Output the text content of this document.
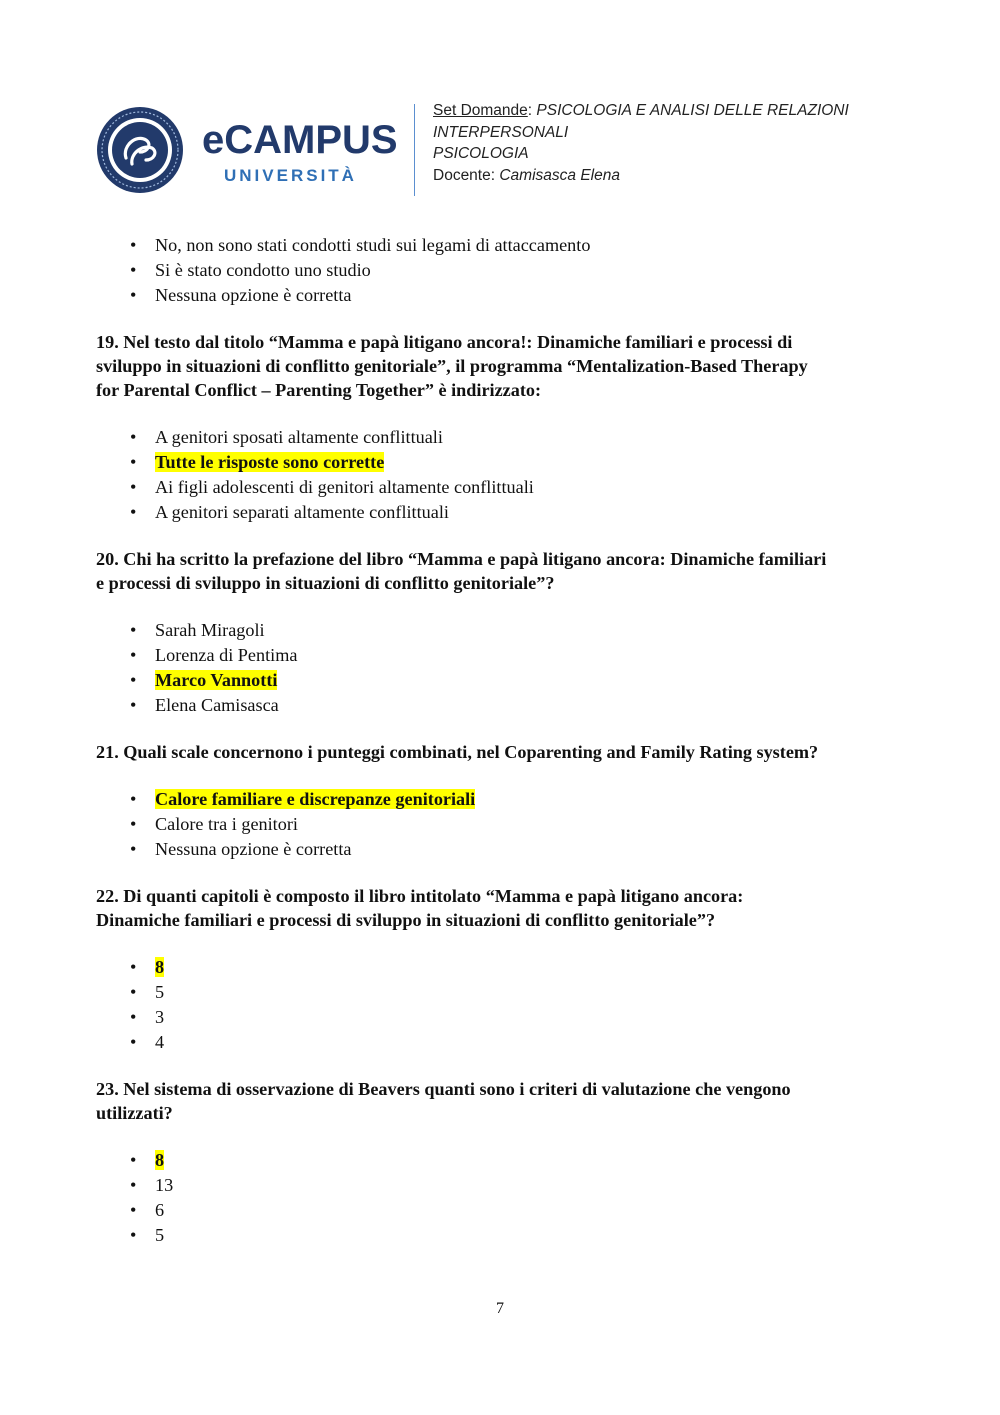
eCAMPUS
UNIVERSITÀ
Set Domande: PSICOLOGIA E ANALISI DELLE RELAZIONI
INTERPERSONALI
PSICOLOGIA
Docente: Camisasca Elena
• No, non sono stati condotti studi sui legami di attaccamento
• Si è stato condotto uno studio
• Nessuna opzione è corretta

19. Nel testo dal titolo “Mamma e papà litigano ancora!: Dinamiche familiari e processi di
sviluppo in situazioni di conflitto genitoriale”, il programma “Mentalization-Based Therapy
for Parental Conflict – Parenting Together” è indirizzato:

• A genitori sposati altamente conflittuali
• Tutte le risposte sono corrette
• Ai figli adolescenti di genitori altamente conflittuali
• A genitori separati altamente conflittuali

20. Chi ha scritto la prefazione del libro “Mamma e papà litigano ancora: Dinamiche familiari
e processi di sviluppo in situazioni di conflitto genitoriale”?

• Sarah Miragoli
• Lorenza di Pentima
• Marco Vannotti
• Elena Camisasca

21. Quali scale concernono i punteggi combinati, nel Coparenting and Family Rating system?

• Calore familiare e discrepanze genitoriali
• Calore tra i genitori
• Nessuna opzione è corretta

22. Di quanti capitoli è composto il libro intitolato “Mamma e papà litigano ancora:
Dinamiche familiari e processi di sviluppo in situazioni di conflitto genitoriale”?

• 8
• 5
• 3
• 4

23. Nel sistema di osservazione di Beavers quanti sono i criteri di valutazione che vengono
utilizzati?

• 8
• 13
• 6
• 5
7
